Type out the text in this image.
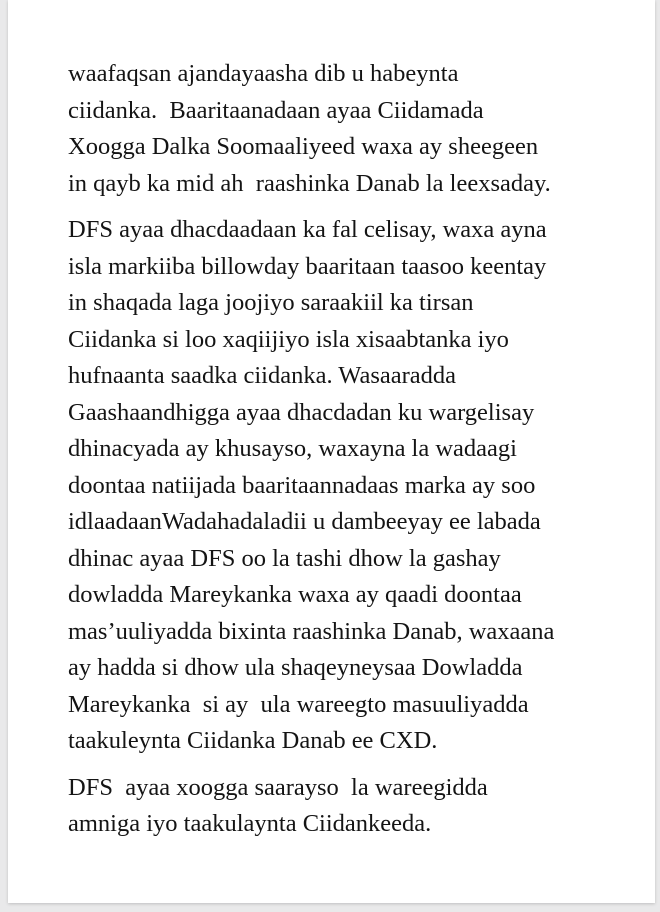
waafaqsan ajandayaasha dib u habeynta
ciidanka.  Baaritaanadaan ayaa Ciidamada
Xoogga Dalka Soomaaliyeed waxa ay sheegeen
in qayb ka mid ah  raashinka Danab la leexsaday.

DFS ayaa dhacdaadaan ka fal celisay, waxa ayna
isla markiiba billowday baaritaan taasoo keentay
in shaqada laga joojiyo saraakiil ka tirsan
Ciidanka si loo xaqiijiyo isla xisaabtanka iyo
hufnaanta saadka ciidanka. Wasaaradda
Gaashaandhigga ayaa dhacdadan ku wargelisay
dhinacyada ay khusayso, waxayna la wadaagi
doontaa natiijada baaritaannadaas marka ay soo
idlaadaanWadahadaladii u dambeeyay ee labada
dhinac ayaa DFS oo la tashi dhow la gashay
dowladda Mareykanka waxa ay qaadi doontaa
mas’uuliyadda bixinta raashinka Danab, waxaana
ay hadda si dhow ula shaqeyneysaa Dowladda
Mareykanka  si ay  ula wareegto masuuliyadda
taakuleynta Ciidanka Danab ee CXD.

DFS  ayaa xoogga saarayso  la wareegidda
amniga iyo taakulaynta Ciidankeeda.
